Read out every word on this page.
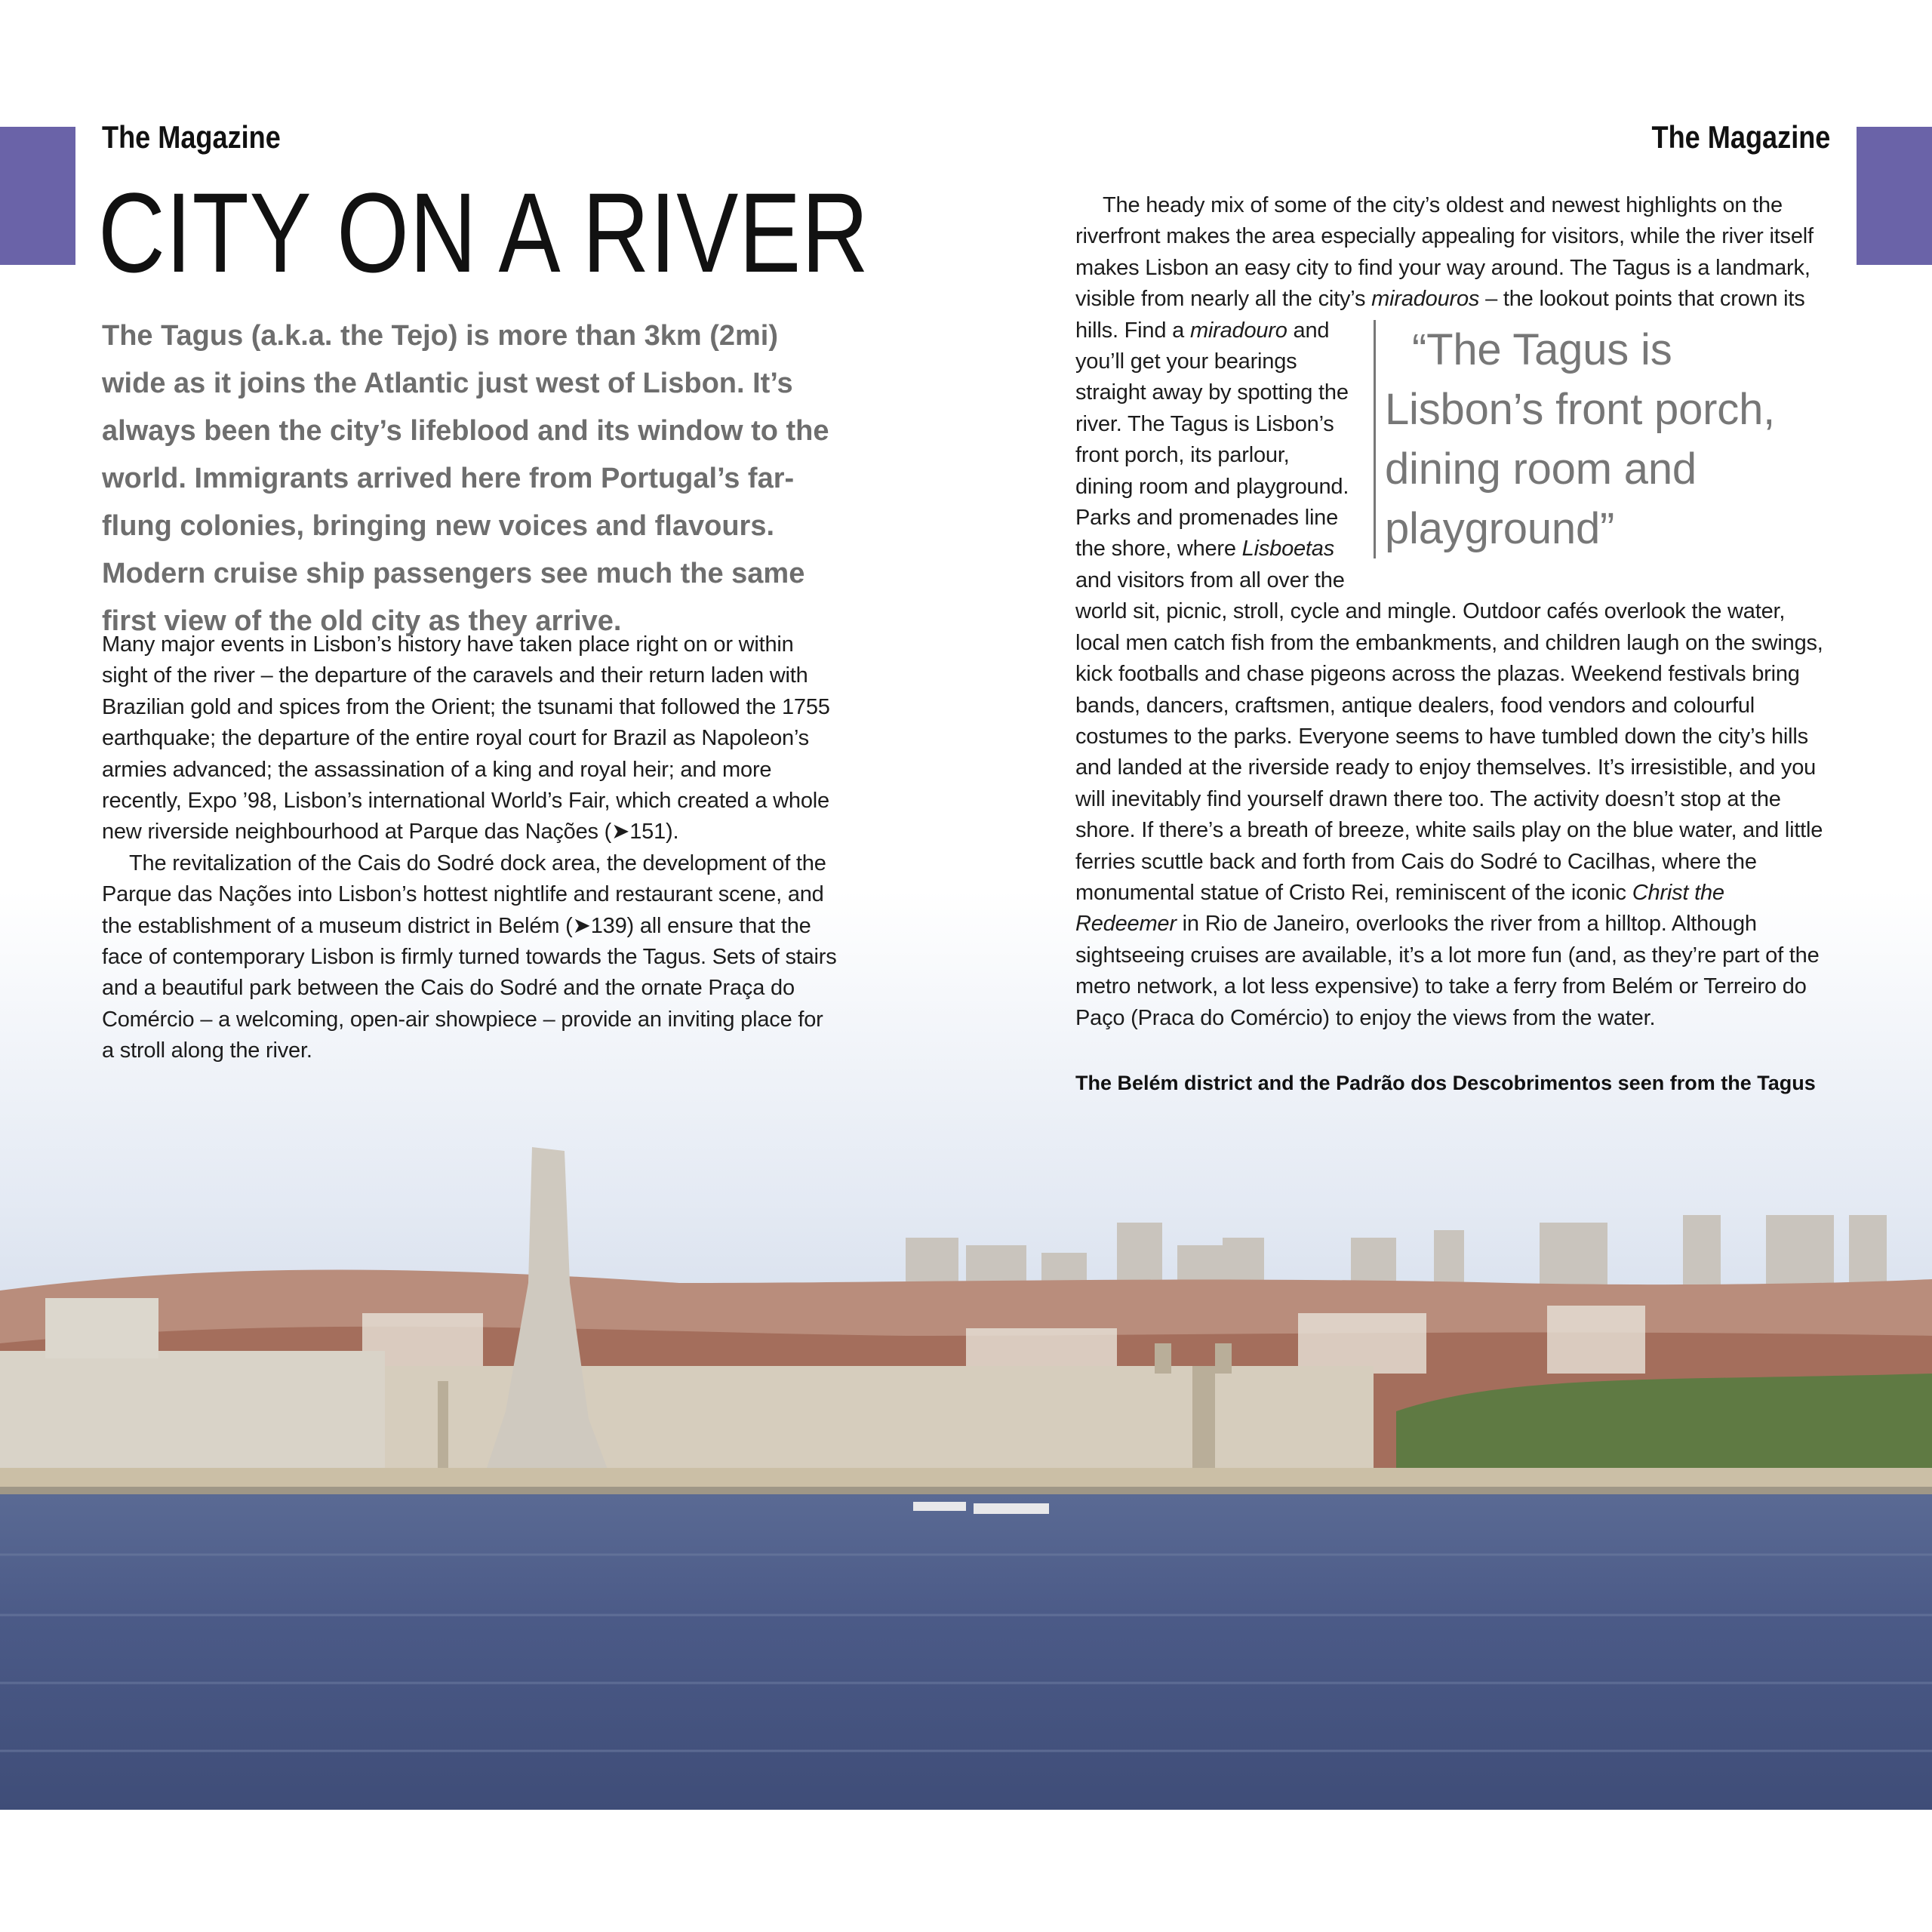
The Magazine	The Magazine
CITY ON A RIVER

The Tagus (a.k.a. the Tejo) is more than 3km (2mi) wide as it joins the Atlantic just west of Lisbon. It’s always been the city’s lifeblood and its window to the world. Immigrants arrived here from Portugal’s far-flung colonies, bringing new voices and flavours. Modern cruise ship passengers see much the same first view of the old city as they arrive.

Many major events in Lisbon’s history have taken place right on or within sight of the river – the departure of the caravels and their return laden with Brazilian gold and spices from the Orient; the tsunami that followed the 1755 earthquake; the departure of the entire royal court for Brazil as Napoleon’s armies advanced; the assassination of a king and royal heir; and more recently, Expo ’98, Lisbon’s international World’s Fair, which created a whole new riverside neighbourhood at Parque das Nações (➤151).

The revitalization of the Cais do Sodré dock area, the development of the Parque das Nações into Lisbon’s hottest nightlife and restaurant scene, and the establishment of a museum district in Belém (➤139) all ensure that the face of contemporary Lisbon is firmly turned towards the Tagus. Sets of stairs and a beautiful park between the Cais do Sodré and the ornate Praça do Comércio – a welcoming, open-air showpiece – provide an inviting place for a stroll along the river.

The heady mix of some of the city’s oldest and newest highlights on the riverfront makes the area especially appealing for visitors, while the river itself makes Lisbon an easy city to find your way around. The Tagus is a landmark, visible from nearly all the city’s miradouros – the lookout points that crown its hills. Find a miradouro	“The Tagus is Lisbon’s front porch, dining room and playground”
and you’ll get your bearings straight away by spotting the river. The Tagus is Lisbon’s front porch, its parlour, dining room and playground. Parks and promenades line the shore, where Lisboetas and visitors from all over the world sit, picnic, stroll, cycle and mingle. Outdoor cafés overlook the water, local men catch fish from the embankments, and children laugh on the swings, kick footballs and chase pigeons across the plazas. Weekend festivals bring bands, dancers, craftsmen, antique dealers, food vendors and colourful costumes to the parks. Everyone seems to have tumbled down the city’s hills and landed at the riverside ready to enjoy themselves. It’s irresistible, and you will inevitably find yourself drawn there too. The activity doesn’t stop at the shore. If there’s a breath of breeze, white sails play on the blue water, and little ferries scuttle back and forth from Cais do Sodré to Cacilhas, where the monumental statue of Cristo Rei, reminiscent of the iconic Christ the Redeemer in Rio de Janeiro, overlooks the river from a hilltop. Although sightseeing cruises are available, it’s a lot more fun (and, as they’re part of the metro network, a lot less expensive) to take a ferry from Belém or Terreiro do Paço (Praca do Comércio) to enjoy the views from the water.

The Belém district and the Padrão dos Descobrimentos seen from the Tagus
